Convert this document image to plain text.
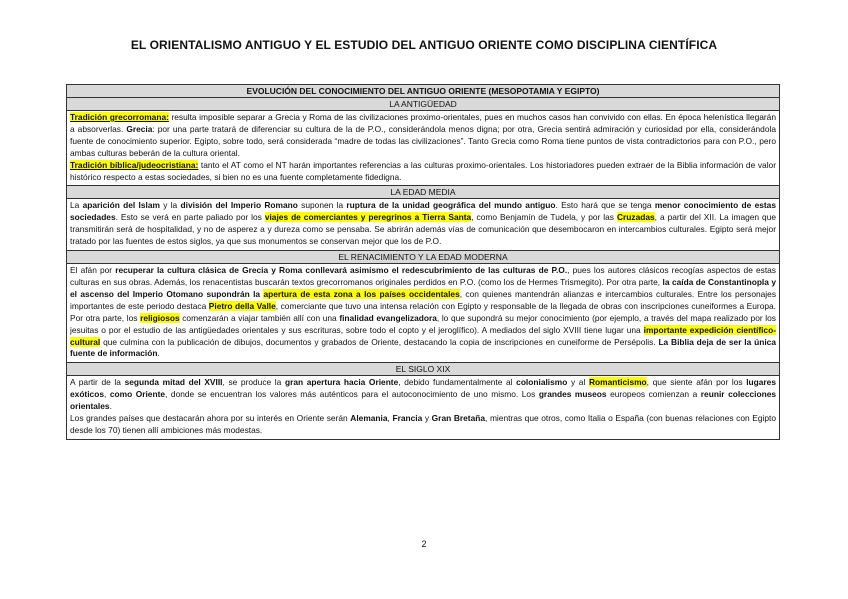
EL ORIENTALISMO ANTIGUO Y EL ESTUDIO DEL ANTIGUO ORIENTE COMO DISCIPLINA CIENTÍFICA
EVOLUCIÓN DEL CONOCIMIENTO DEL ANTIGUO ORIENTE (MESOPOTAMIA Y EGIPTO)
LA ANTIGÜEDAD
Tradición grecorromana: resulta imposible separar a Grecia y Roma de las civilizaciones proximo-orientales, pues en muchos casos han convivido con ellas. En época helenística llegarán a absorverlas. Grecia: por una parte tratará de diferenciar su cultura de la de P.O., considerándola menos digna; por otra, Grecia sentirá admiración y curiosidad por ella, considerándola fuente de conocimiento superior. Egipto, sobre todo, será considerada “madre de todas las civilizaciones”. Tanto Grecia como Roma tiene puntos de vista contradictorios para con P.O., pero ambas culturas beberán de la cultura oriental.
Tradición bíblica/judeocristiana: tanto el AT como el NT harán importantes referencias a las culturas proximo-orientales. Los historiadores pueden extraer de la Biblia información de valor histórico respecto a estas sociedades, si bien no es una fuente completamente fidedigna.
LA EDAD MEDIA
La aparición del Islam y la división del Imperio Romano suponen la ruptura de la unidad geográfica del mundo antiguo. Esto hará que se tenga menor conocimiento de estas sociedades. Esto se verá en parte paliado por los viajes de comerciantes y peregrinos a Tierra Santa, como Benjamín de Tudela, y por las Cruzadas, a partir del XII. La imagen que transmitirán será de hospitalidad, y no de asperez a y dureza como se pensaba. Se abrirán además vías de comunicación que desembocaron en intercambios culturales. Egipto será mejor tratado por las fuentes de estos siglos, ya que sus monumentos se conservan mejor que los de P.O.
EL RENACIMIENTO Y LA EDAD MODERNA
El afán por recuperar la cultura clásica de Grecia y Roma conllevará asimismo el redescubrimiento de las culturas de P.O., pues los autores clásicos recogías aspectos de estas culturas en sus obras. Además, los renacentistas buscarán textos grecorromanos originales perdidos en P.O. (como los de Hermes Trismegito). Por otra parte, la caída de Constantinopla y el ascenso del Imperio Otomano supondrán la apertura de esta zona a los países occidentales, con quienes mantendrán alianzas e intercambios culturales. Entre los personajes importantes de este periodo destaca Pietro della Valle, comerciante que tuvo una intensa relación con Egipto y responsable de la llegada de obras con inscripciones cuneiformes a Europa. Por otra parte, los religiosos comenzarán a viajar también allí con una finalidad evangelizadora, lo que supondrá su mejor conocimiento (por ejemplo, a través del mapa realizado por los jesuitas o por el estudio de las antigüedades orientales y sus escrituras, sobre todo el copto y el jeroglífico). A mediados del siglo XVIII tiene lugar una importante expedición científico-cultural que culmina con la publicación de dibujos, documentos y grabados de Oriente, destacando la copia de inscripciones en cuneiforme de Persépolis. La Biblia deja de ser la única fuente de información.
EL SIGLO XIX
A partir de la segunda mitad del XVIII, se produce la gran apertura hacia Oriente, debido fundamentalmente al colonialismo y al Romanticismo, que siente afán por los lugares exóticos, como Oriente, donde se encuentran los valores más auténticos para el autoconocimiento de uno mismo. Los grandes museos europeos comienzan a reunir colecciones orientales.
Los grandes países que destacarán ahora por su interés en Oriente serán Alemania, Francia y Gran Bretaña, mientras que otros, como Italia o España (con buenas relaciones con Egipto desde los 70) tienen allí ambiciones más modestas.
2
